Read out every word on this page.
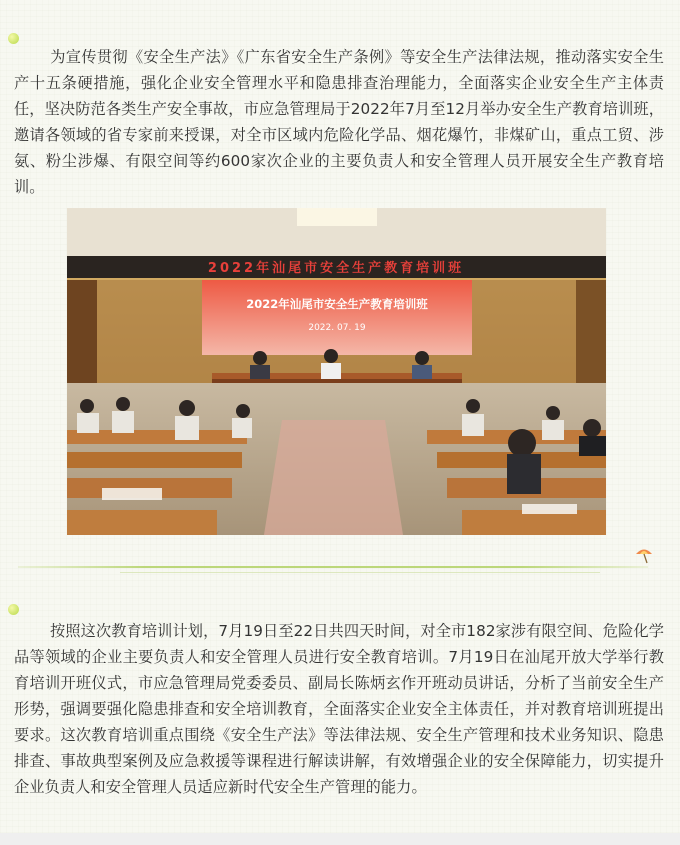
为宣传贯彻《安全生产法》《广东省安全生产条例》等安全生产法律法规，推动落实安全生产十五条硬措施，强化企业安全管理水平和隐患排查治理能力，全面落实企业安全生产主体责任，坚决防范各类生产安全事故，市应急管理局于2022年7月至12月举办安全生产教育培训班，邀请各领域的省专家前来授课，对全市区域内危险化学品、烟花爆竹，非煤矿山，重点工贸、涉氨、粉尘涉爆、有限空间等约600家次企业的主要负责人和安全管理人员开展安全生产教育培训。

2022年汕尾市安全生产教育培训班
2022年汕尾市安全生产教育培训班
2022. 07. 19

按照这次教育培训计划，7月19日至22日共四天时间，对全市182家涉有限空间、危险化学品等领域的企业主要负责人和安全管理人员进行安全教育培训。7月19日在汕尾开放大学举行教育培训开班仪式，市应急管理局党委委员、副局长陈炳玄作开班动员讲话，分析了当前安全生产形势，强调要强化隐患排查和安全培训教育，全面落实企业安全主体责任，并对教育培训班提出要求。这次教育培训重点围绕《安全生产法》等法律法规、安全生产管理和技术业务知识、隐患排查、事故典型案例及应急救援等课程进行解读讲解，有效增强企业的安全保障能力，切实提升企业负责人和安全管理人员适应新时代安全生产管理的能力。
